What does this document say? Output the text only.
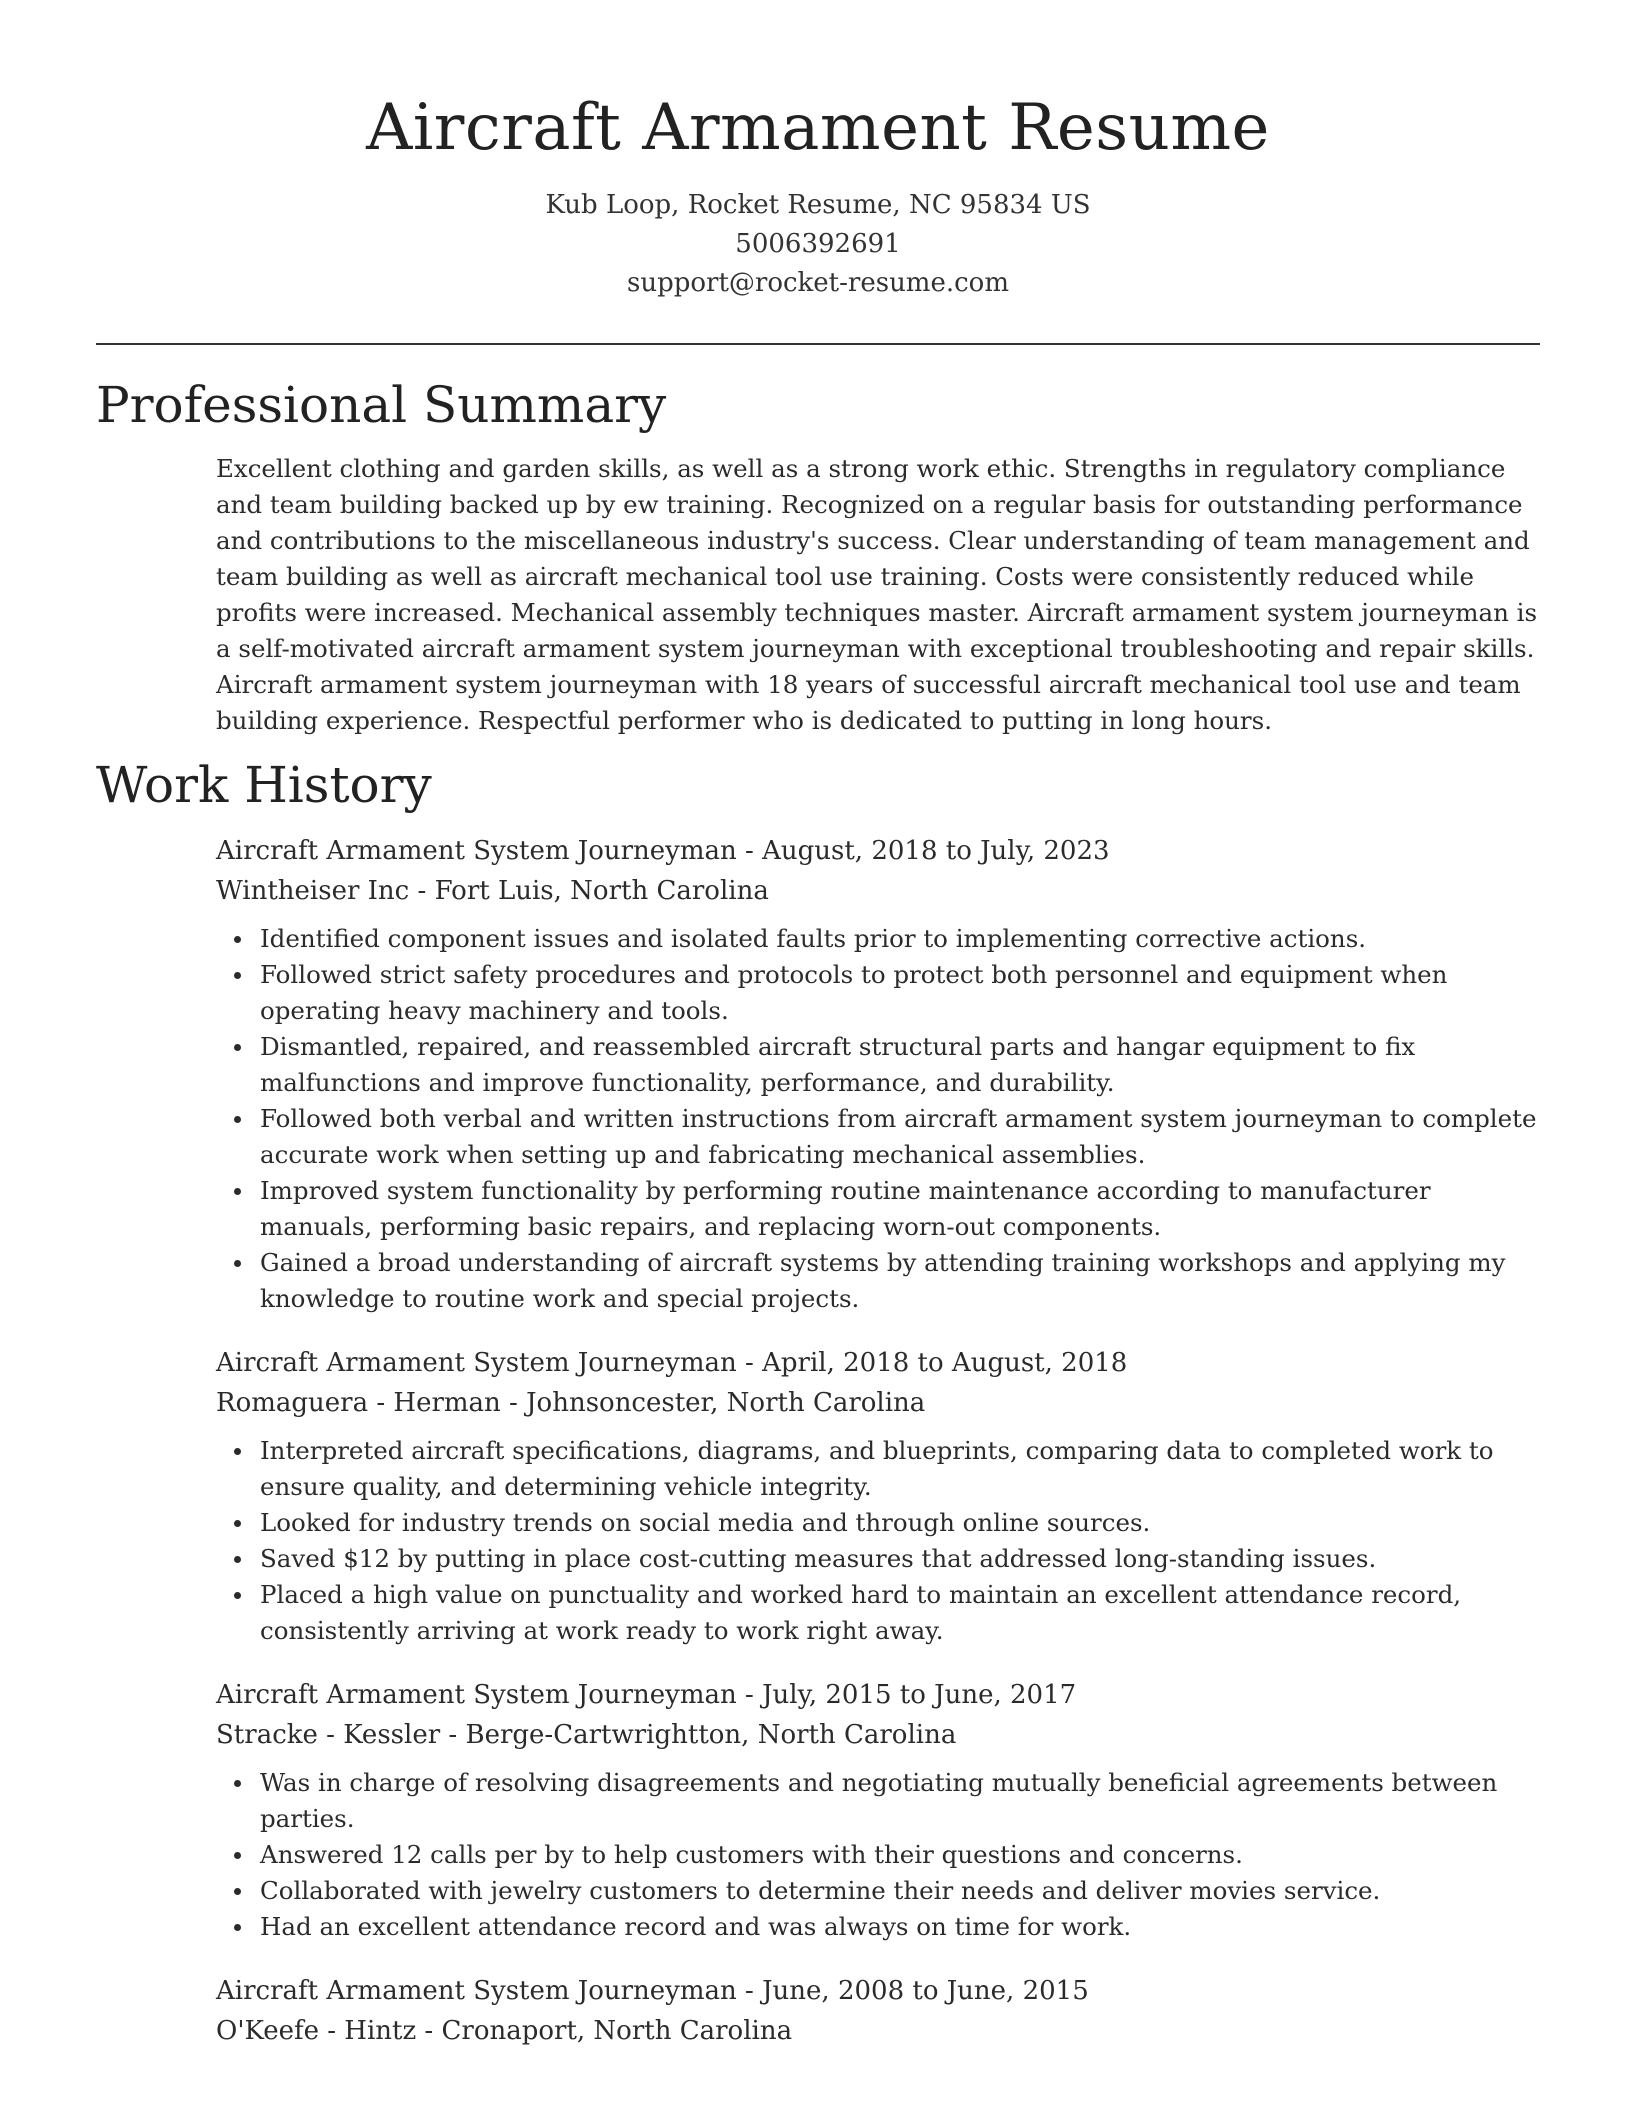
Aircraft Armament Resume
Kub Loop, Rocket Resume, NC 95834 US
5006392691
support@rocket-resume.com
Professional Summary

Excellent clothing and garden skills, as well as a strong work ethic. Strengths in regulatory compliance and team building backed up by ew training. Recognized on a regular basis for outstanding performance and contributions to the miscellaneous industry's success. Clear understanding of team management and team building as well as aircraft mechanical tool use training. Costs were consistently reduced while profits were increased. Mechanical assembly techniques master. Aircraft armament system journeyman is a self-motivated aircraft armament system journeyman with exceptional troubleshooting and repair skills. Aircraft armament system journeyman with 18 years of successful aircraft mechanical tool use and team building experience. Respectful performer who is dedicated to putting in long hours.

Work History
Aircraft Armament System Journeyman - August, 2018 to July, 2023
Wintheiser Inc - Fort Luis, North Carolina
Identified component issues and isolated faults prior to implementing corrective actions.
Followed strict safety procedures and protocols to protect both personnel and equipment when operating heavy machinery and tools.
Dismantled, repaired, and reassembled aircraft structural parts and hangar equipment to fix malfunctions and improve functionality, performance, and durability.
Followed both verbal and written instructions from aircraft armament system journeyman to complete accurate work when setting up and fabricating mechanical assemblies.
Improved system functionality by performing routine maintenance according to manufacturer manuals, performing basic repairs, and replacing worn-out components.
Gained a broad understanding of aircraft systems by attending training workshops and applying my knowledge to routine work and special projects.
Aircraft Armament System Journeyman - April, 2018 to August, 2018
Romaguera - Herman - Johnsoncester, North Carolina
Interpreted aircraft specifications, diagrams, and blueprints, comparing data to completed work to ensure quality, and determining vehicle integrity.
Looked for industry trends on social media and through online sources.
Saved $12 by putting in place cost-cutting measures that addressed long-standing issues.
Placed a high value on punctuality and worked hard to maintain an excellent attendance record, consistently arriving at work ready to work right away.
Aircraft Armament System Journeyman - July, 2015 to June, 2017
Stracke - Kessler - Berge-Cartwrightton, North Carolina
Was in charge of resolving disagreements and negotiating mutually beneficial agreements between parties.
Answered 12 calls per by to help customers with their questions and concerns.
Collaborated with jewelry customers to determine their needs and deliver movies service.
Had an excellent attendance record and was always on time for work.
Aircraft Armament System Journeyman - June, 2008 to June, 2015
O'Keefe - Hintz - Cronaport, North Carolina
